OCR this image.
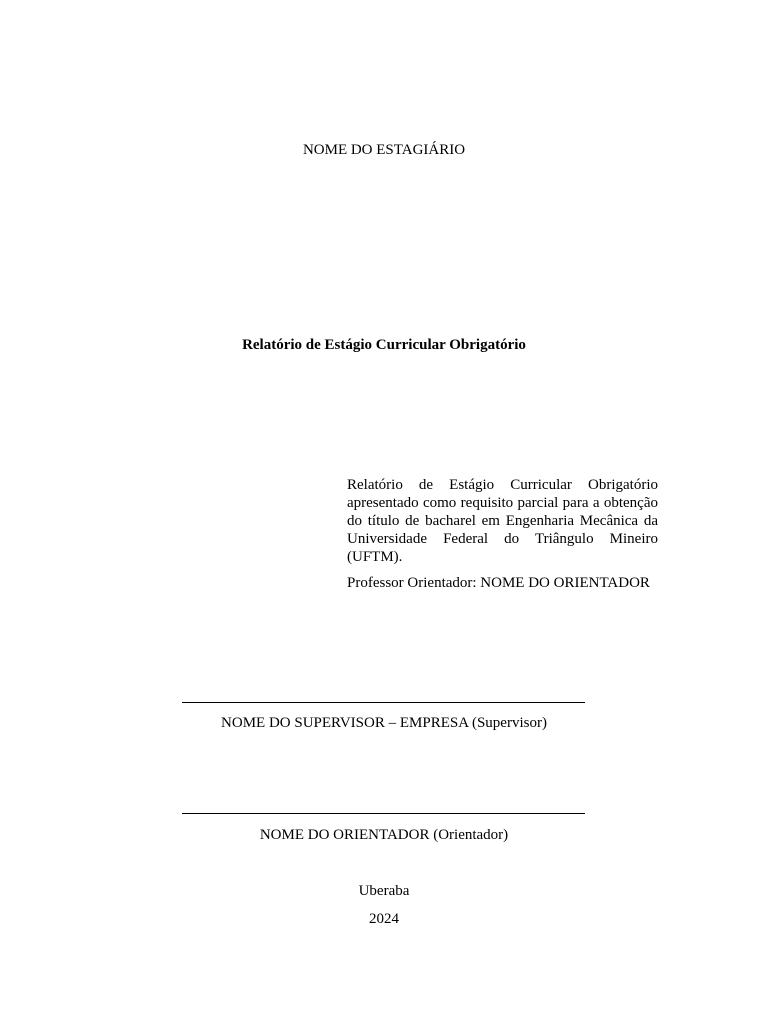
NOME DO ESTAGIÁRIO
Relatório de Estágio Curricular Obrigatório

Relatório de Estágio Curricular Obrigatório apresentado como requisito parcial para a obtenção do título de bacharel em Engenharia Mecânica da Universidade Federal do Triângulo Mineiro (UFTM).

Professor Orientador: NOME DO ORIENTADOR

NOME DO SUPERVISOR – EMPRESA (Supervisor)
NOME DO ORIENTADOR (Orientador)
Uberaba
2024
